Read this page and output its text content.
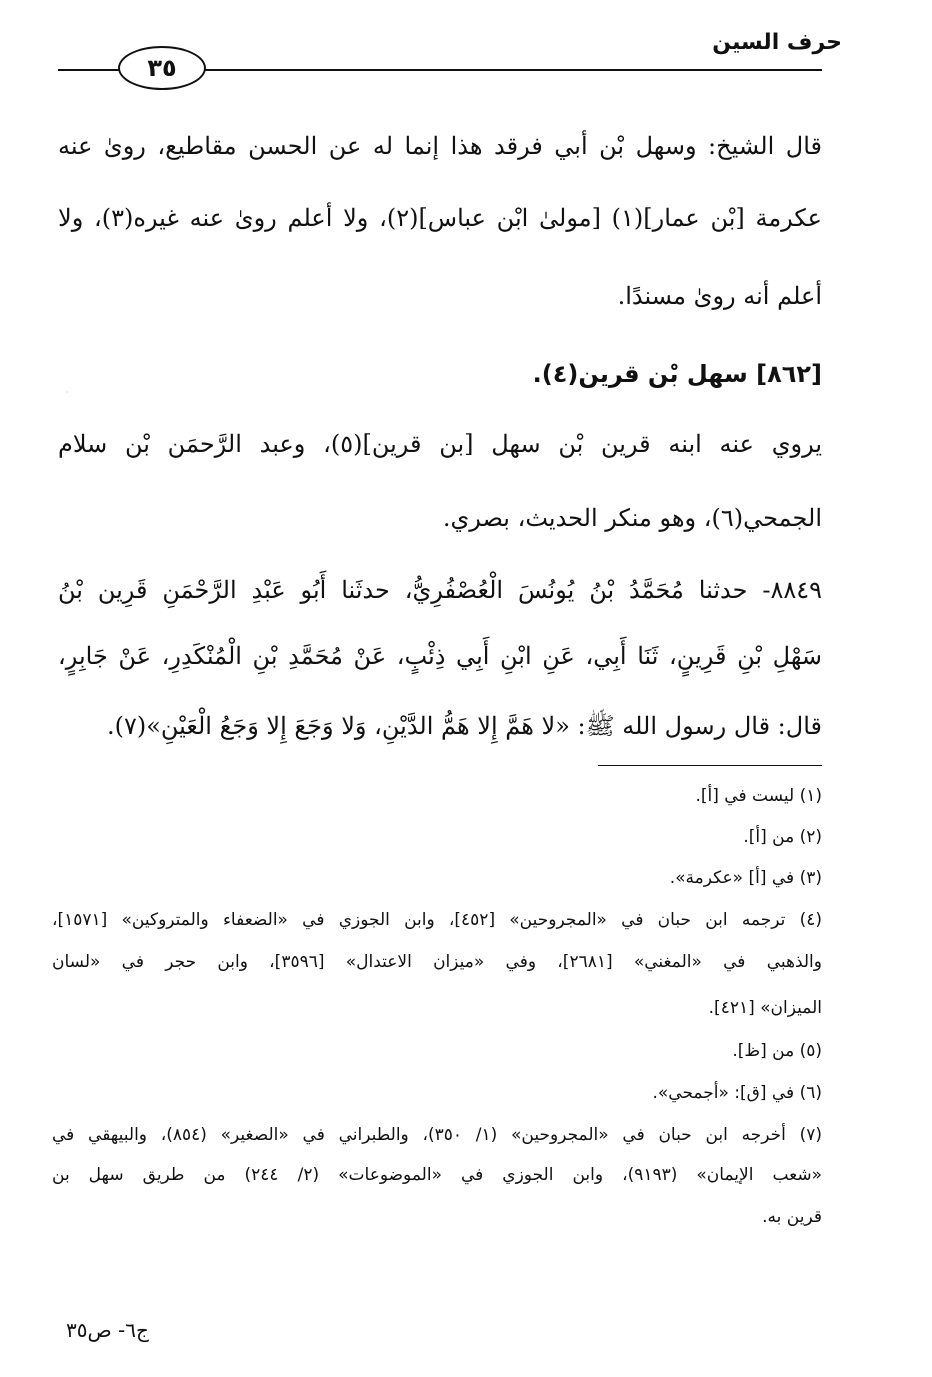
حرف السين
٣٥
قال الشيخ: وسهل بْن أبي فرقد هذا إنما له عن الحسن مقاطيع، روىٰ عنه
عكرمة [بْن عمار](١) [مولىٰ ابْن عباس](٢)، ولا أعلم روىٰ عنه غيره(٣)، ولا
أعلم أنه روىٰ مسندًا.
[٨٦٢] سهل بْن قرين(٤).
يروي عنه ابنه قرين بْن سهل [بن قرين](٥)، وعبد الرَّحمَن بْن سلام
الجمحي(٦)، وهو منكر الحديث، بصري.
٨٨٤٩- حدثنا مُحَمَّدُ بْنُ يُونُسَ الْعُصْفُرِيُّ، حدثَنا أَبُو عَبْدِ الرَّحْمَنِ قَرِين بْنُ
سَهْلِ بْنِ قَرِينٍ، ثَنَا أَبِي، عَنِ ابْنِ أَبِي ذِئْبٍ، عَنْ مُحَمَّدِ بْنِ الْمُنْكَدِرِ، عَنْ جَابِرٍ،
قال: قال رسول الله ﷺ: «لا هَمَّ إِلا هَمُّ الدَّيْنِ، وَلا وَجَعَ إِلا وَجَعُ الْعَيْنِ»(٧).
(١) ليست في [أ].
(٢) من [أ].
(٣) في [أ] «عكرمة».
(٤) ترجمه ابن حبان في «المجروحين» [٤٥٢]، وابن الجوزي في «الضعفاء والمتروكين» [١٥٧١]،
والذهبي في «المغني» [٢٦٨١]، وفي «ميزان الاعتدال» [٣٥٩٦]، وابن حجر في «لسان
الميزان» [٤٢١].
(٥) من [ظ].
(٦) في [ق]: «أجمحي».
(٧) أخرجه ابن حبان في «المجروحين» (١/ ٣٥٠)، والطبراني في «الصغير» (٨٥٤)، والبيهقي في
«شعب الإيمان» (٩١٩٣)، وابن الجوزي في «الموضوعات» (٢/ ٢٤٤) من طريق سهل بن
قرين به.
ج٦- ص٣٥
·
